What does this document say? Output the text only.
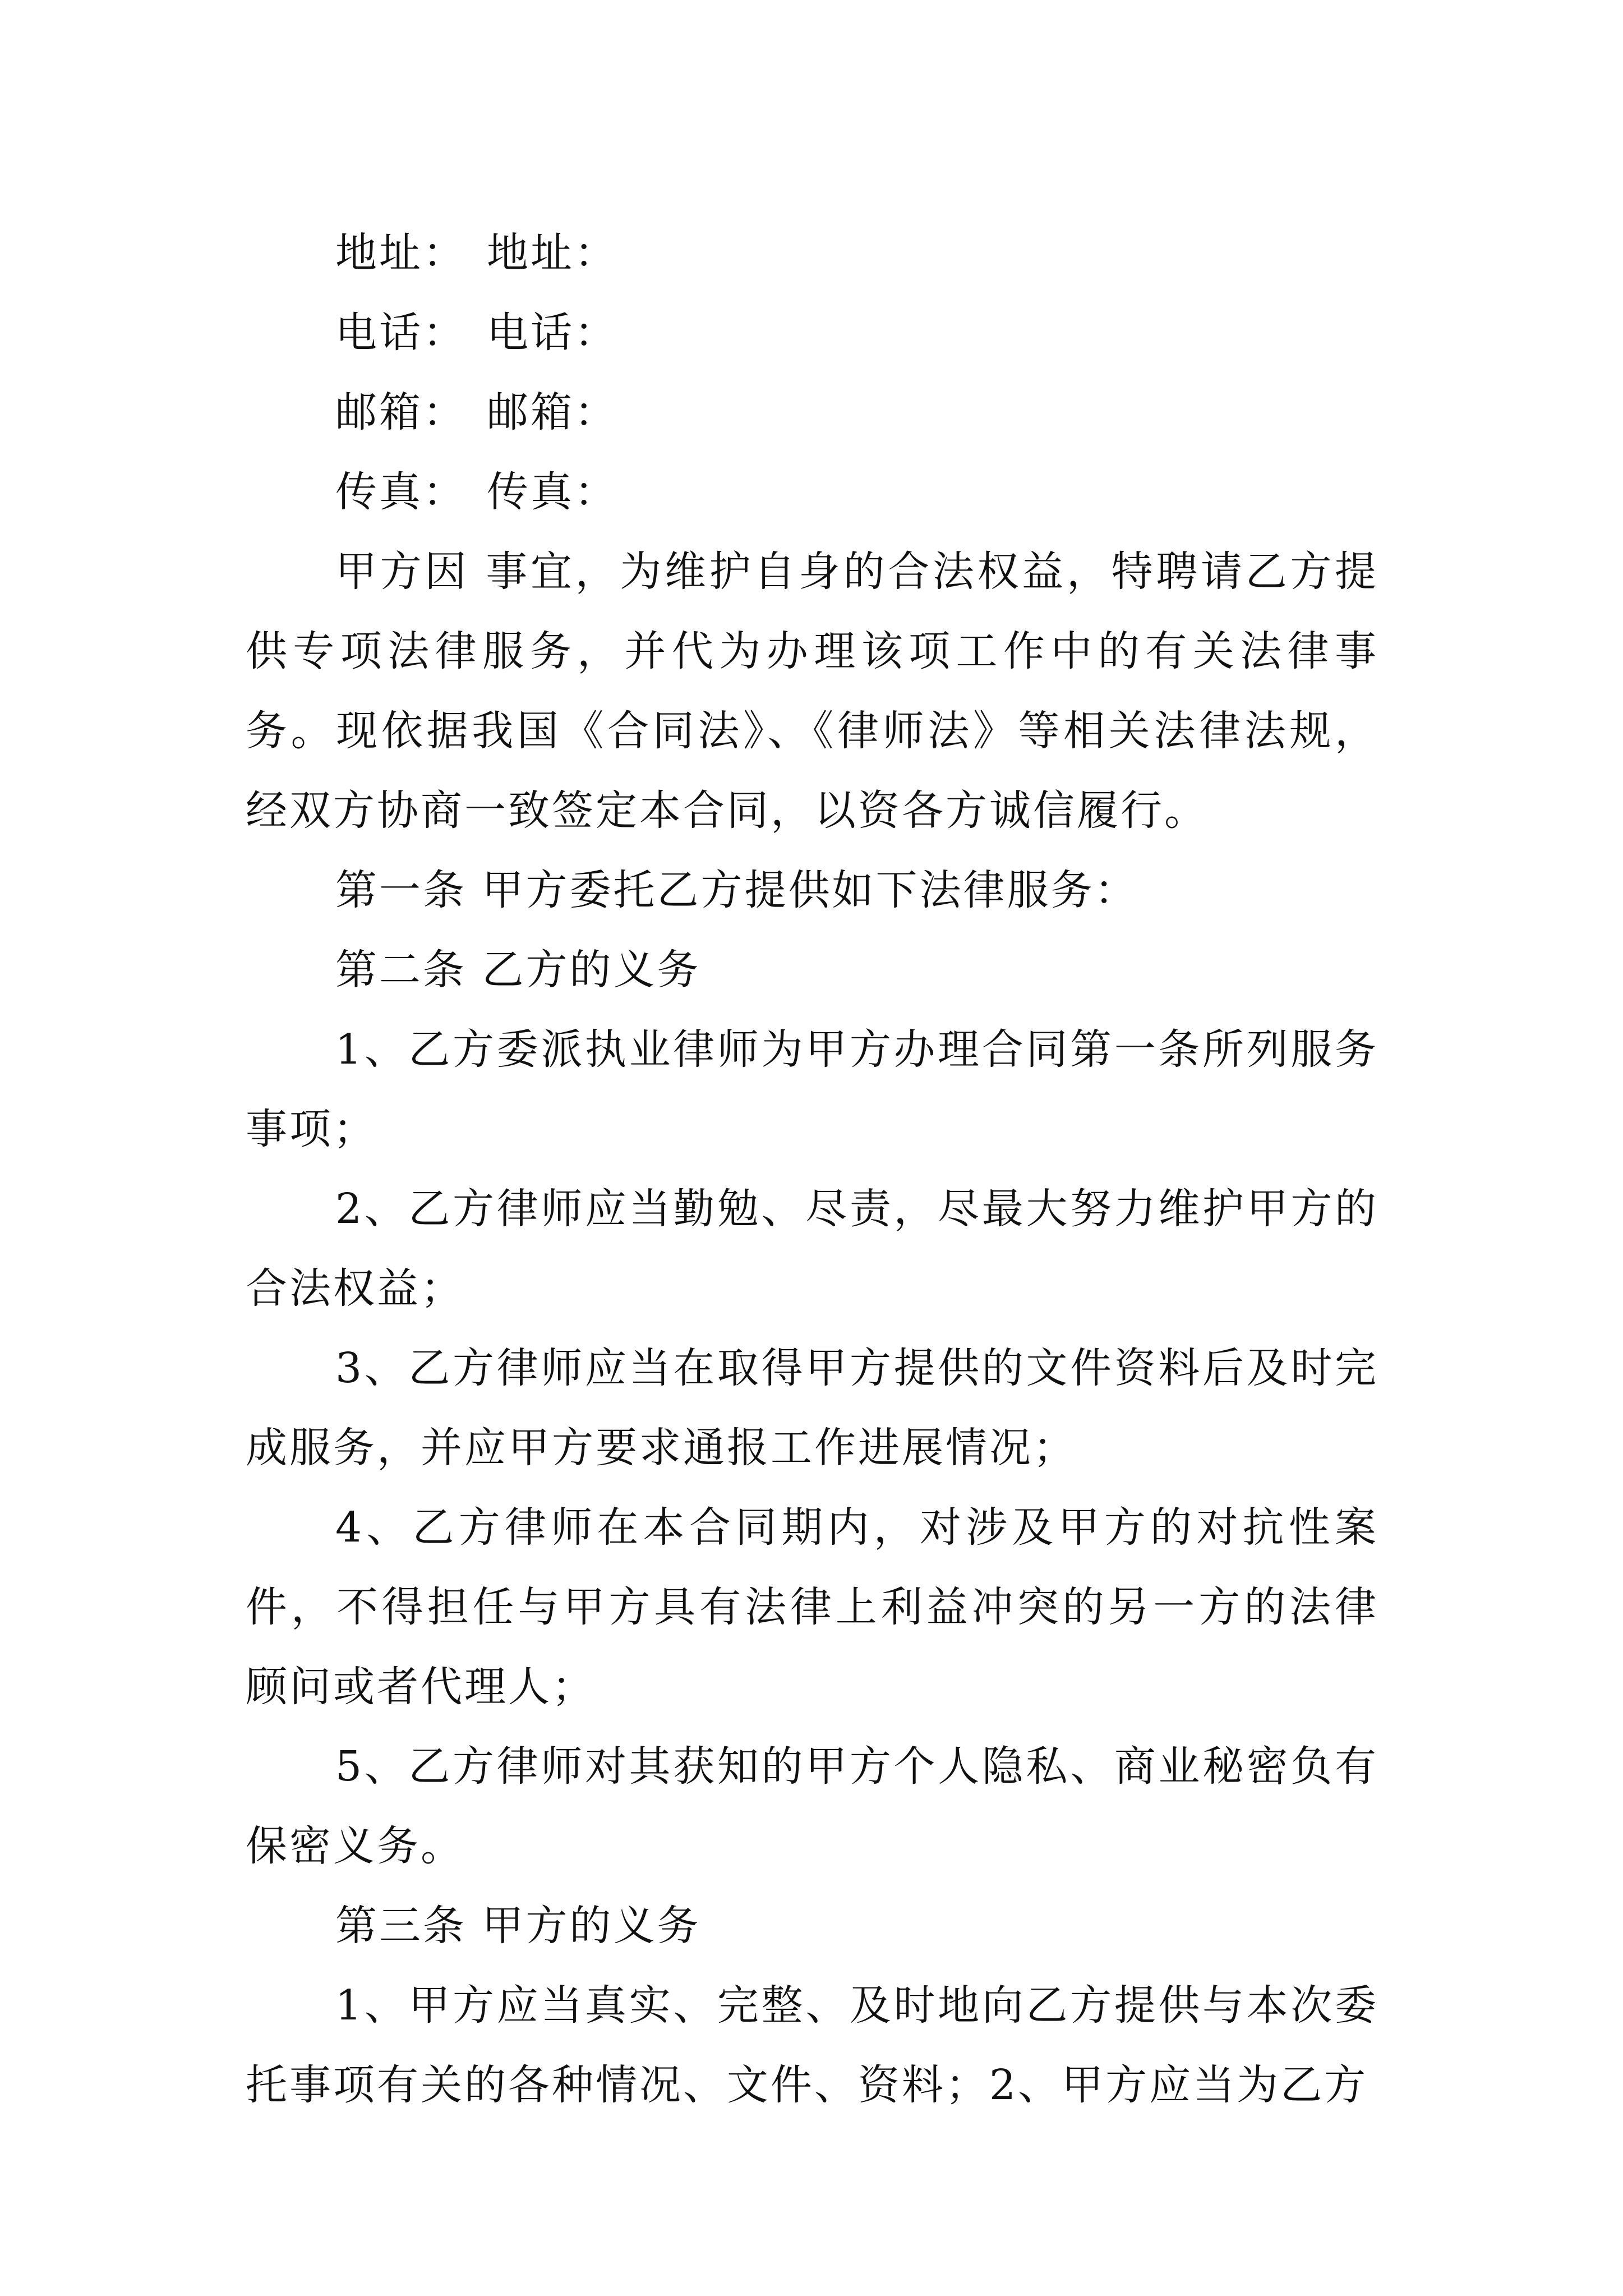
地址： 地址：
电话： 电话：
邮箱： 邮箱：
传真： 传真：

甲方因 事宜，为维护自身的合法权益，特聘请乙方提供专项法律服务，并代为办理该项工作中的有关法律事务。现依据我国《合同法》、《律师法》等相关法律法规，经双方协商一致签定本合同，以资各方诚信履行。

第一条 甲方委托乙方提供如下法律服务：

第二条 乙方的义务

1、乙方委派执业律师为甲方办理合同第一条所列服务事项；

2、乙方律师应当勤勉、尽责，尽最大努力维护甲方的合法权益；

3、乙方律师应当在取得甲方提供的文件资料后及时完成服务，并应甲方要求通报工作进展情况；

4、乙方律师在本合同期内，对涉及甲方的对抗性案件，不得担任与甲方具有法律上利益冲突的另一方的法律顾问或者代理人；

5、乙方律师对其获知的甲方个人隐私、商业秘密负有保密义务。

第三条 甲方的义务

1、甲方应当真实、完整、及时地向乙方提供与本次委托事项有关的各种情况、文件、资料；2、甲方应当为乙方
